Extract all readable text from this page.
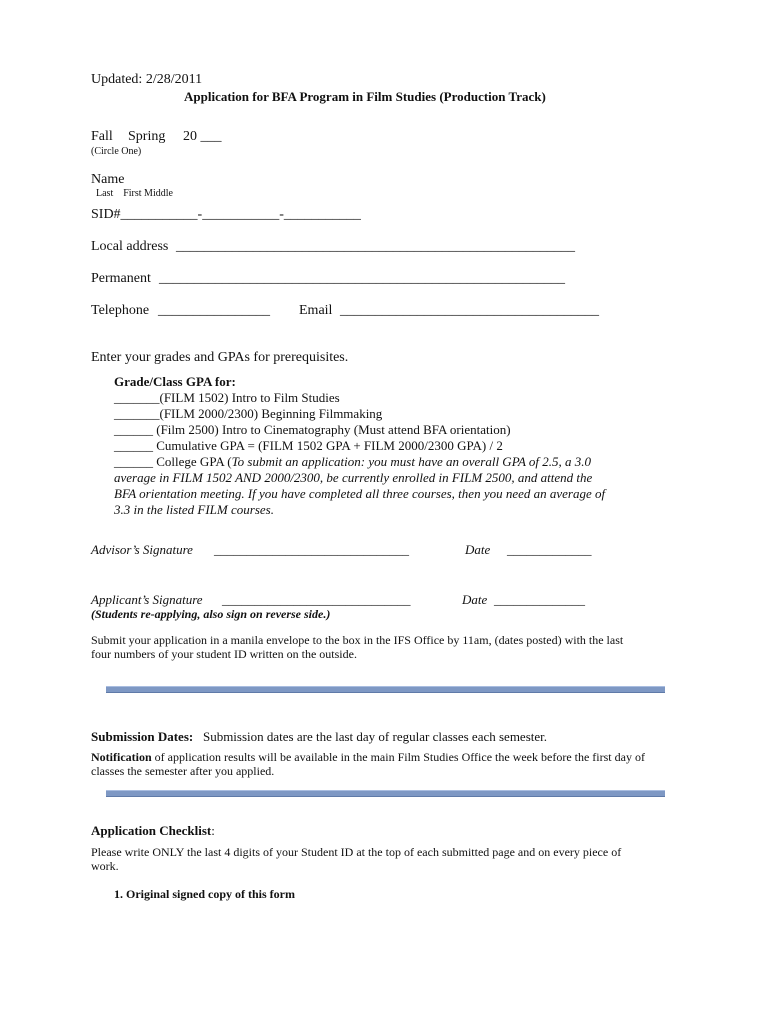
Updated: 2/28/2011
Application for BFA Program in Film Studies (Production Track)
Fall Spring 20 ___
(Circle One)
Name
Last    First Middle
SID#___________-___________-___________
Local address _________________________________________________________
Permanent __________________________________________________________
Telephone ________________ Email _____________________________________
Enter your grades and GPAs for prerequisites.
Grade/Class GPA for:
_______(FILM 1502) Intro to Film Studies
_______(FILM 2000/2300) Beginning Filmmaking
______ (Film 2500) Intro to Cinematography (Must attend BFA orientation)
______ Cumulative GPA = (FILM 1502 GPA + FILM 2000/2300 GPA) / 2
______ College GPA (To submit an application: you must have an overall GPA of 2.5, a 3.0
average in FILM 1502 AND 2000/2300, be currently enrolled in FILM 2500, and attend the
BFA orientation meeting. If you have completed all three courses, then you need an average of
3.3 in the listed FILM courses.
Advisor’s Signature ______________________________	Date _____________
Applicant’s Signature _____________________________	Date ______________
(Students re-applying, also sign on reverse side.)
Submit your application in a manila envelope to the box in the IFS Office by 11am, (dates posted) with the last
four numbers of your student ID written on the outside.
Submission Dates: Submission dates are the last day of regular classes each semester.
Notification of application results will be available in the main Film Studies Office the week before the first day of
classes the semester after you applied.
Application Checklist:
Please write ONLY the last 4 digits of your Student ID at the top of each submitted page and on every piece of
work.
1. Original signed copy of this form
